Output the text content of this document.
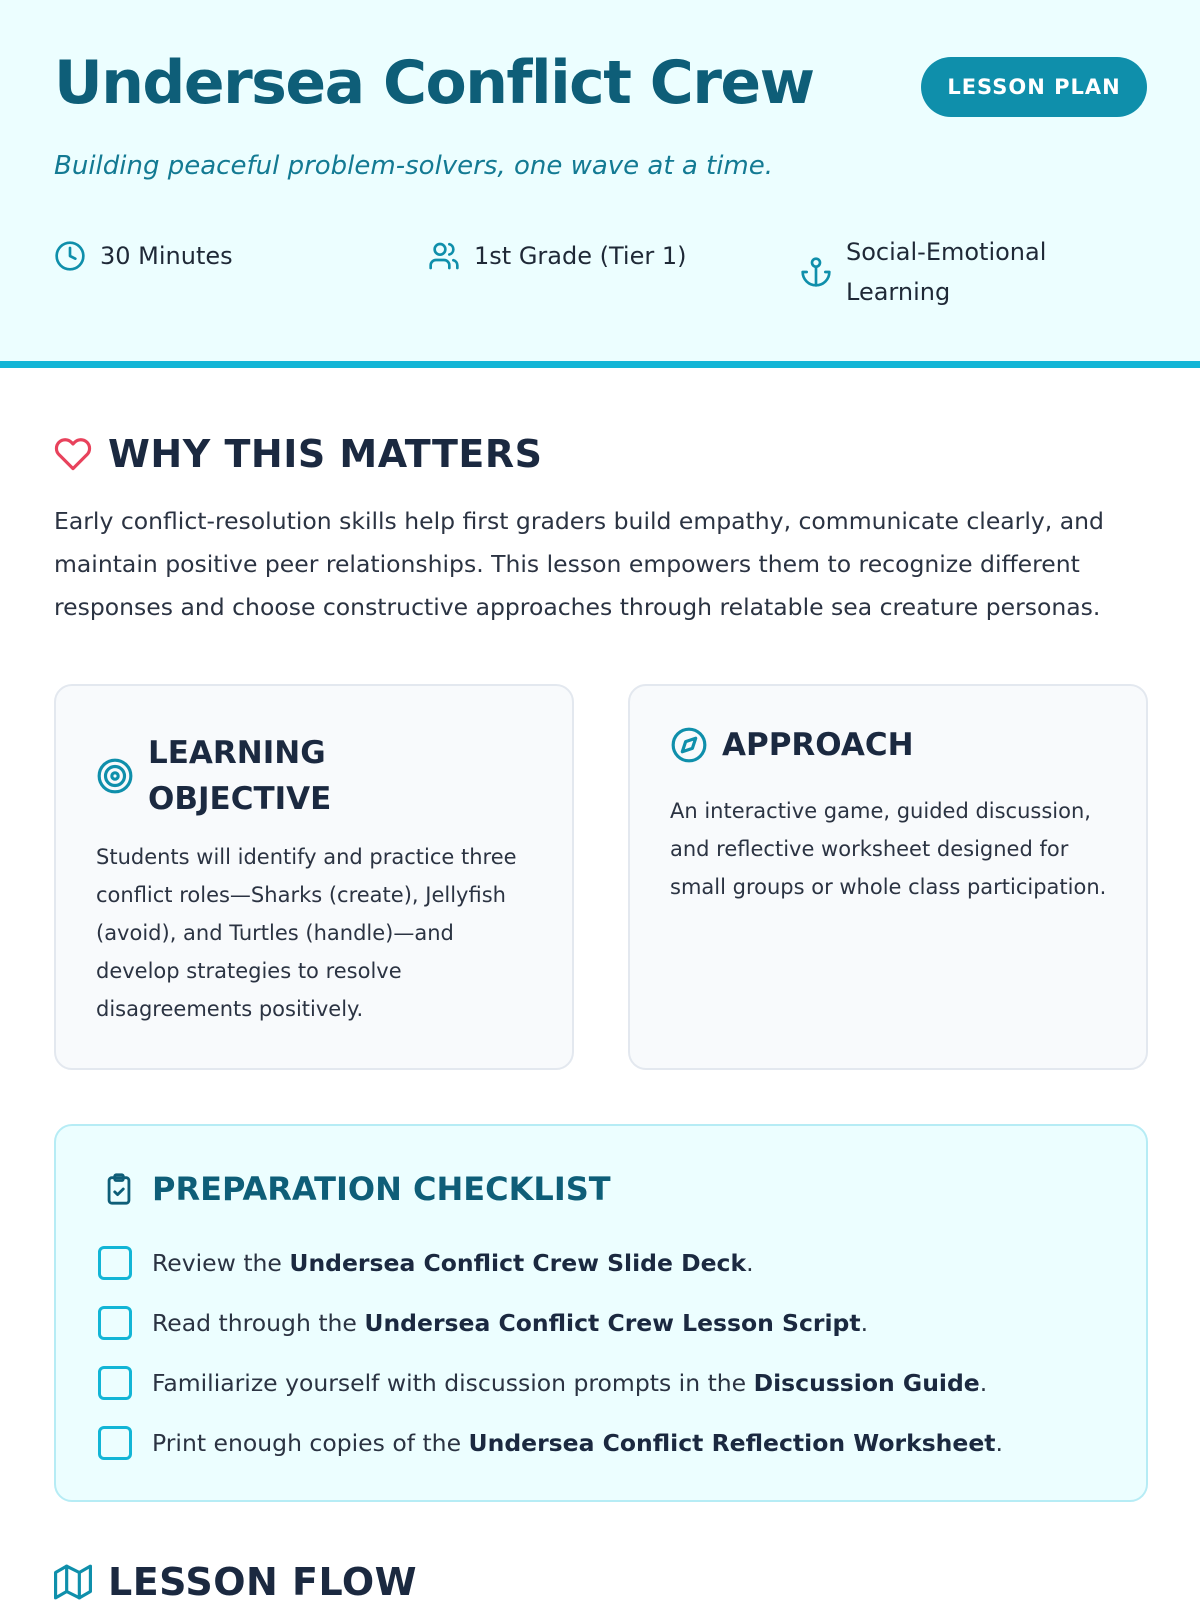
Undersea Conflict Crew	LESSON PLAN
Building peaceful problem-solvers, one wave at a time.
30 Minutes	1st Grade (Tier 1)	Social-Emotional
Learning
WHY THIS MATTERS
Early conflict-resolution skills help first graders build empathy, communicate clearly, and
maintain positive peer relationships. This lesson empowers them to recognize different
responses and choose constructive approaches through relatable sea creature personas.
LEARNING
OBJECTIVE
Students will identify and practice three
conflict roles—Sharks (create), Jellyfish
(avoid), and Turtles (handle)—and
develop strategies to resolve
disagreements positively.
APPROACH
An interactive game, guided discussion,
and reflective worksheet designed for
small groups or whole class participation.
PREPARATION CHECKLIST
Review the Undersea Conflict Crew Slide Deck.
Read through the Undersea Conflict Crew Lesson Script.
Familiarize yourself with discussion prompts in the Discussion Guide.
Print enough copies of the Undersea Conflict Reflection Worksheet.
LESSON FLOW
